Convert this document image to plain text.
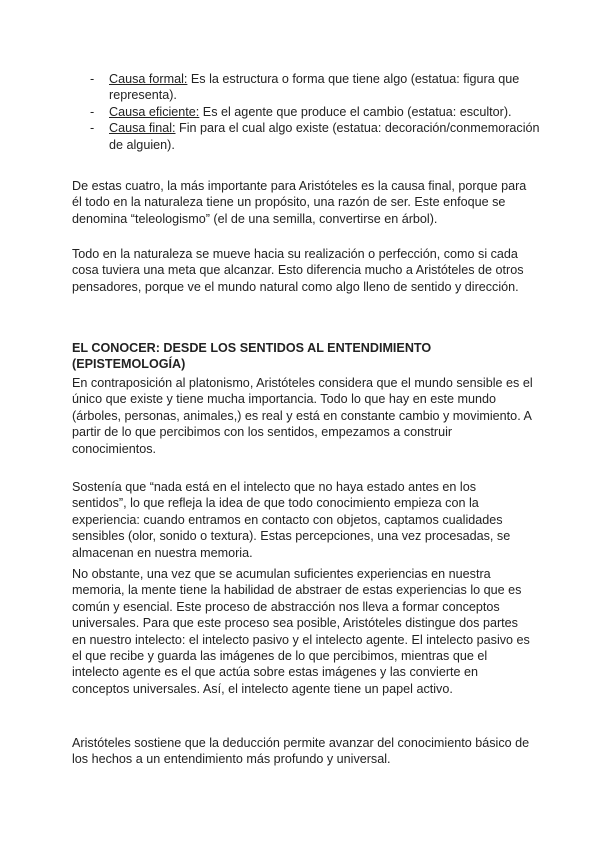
- Causa formal: Es la estructura o forma que tiene algo (estatua: figura que representa).
- Causa eficiente: Es el agente que produce el cambio (estatua: escultor).
- Causa final: Fin para el cual algo existe (estatua: decoración/conmemoración de alguien).

De estas cuatro, la más importante para Aristóteles es la causa final, porque para él todo en la naturaleza tiene un propósito, una razón de ser. Este enfoque se denomina “teleologismo” (el de una semilla, convertirse en árbol).

Todo en la naturaleza se mueve hacia su realización o perfección, como si cada cosa tuviera una meta que alcanzar. Esto diferencia mucho a Aristóteles de otros pensadores, porque ve el mundo natural como algo lleno de sentido y dirección.

EL CONOCER: DESDE LOS SENTIDOS AL ENTENDIMIENTO (EPISTEMOLOGÍA)

En contraposición al platonismo, Aristóteles considera que el mundo sensible es el único que existe y tiene mucha importancia. Todo lo que hay en este mundo (árboles, personas, animales,) es real y está en constante cambio y movimiento. A partir de lo que percibimos con los sentidos, empezamos a construir conocimientos.

Sostenía que “nada está en el intelecto que no haya estado antes en los sentidos”, lo que refleja la idea de que todo conocimiento empieza con la experiencia: cuando entramos en contacto con objetos, captamos cualidades sensibles (olor, sonido o textura). Estas percepciones, una vez procesadas, se almacenan en nuestra memoria.

No obstante, una vez que se acumulan suficientes experiencias en nuestra memoria, la mente tiene la habilidad de abstraer de estas experiencias lo que es común y esencial. Este proceso de abstracción nos lleva a formar conceptos universales. Para que este proceso sea posible, Aristóteles distingue dos partes en nuestro intelecto: el intelecto pasivo y el intelecto agente. El intelecto pasivo es el que recibe y guarda las imágenes de lo que percibimos, mientras que el intelecto agente es el que actúa sobre estas imágenes y las convierte en conceptos universales. Así, el intelecto agente tiene un papel activo.

Aristóteles sostiene que la deducción permite avanzar del conocimiento básico de los hechos a un entendimiento más profundo y universal.
